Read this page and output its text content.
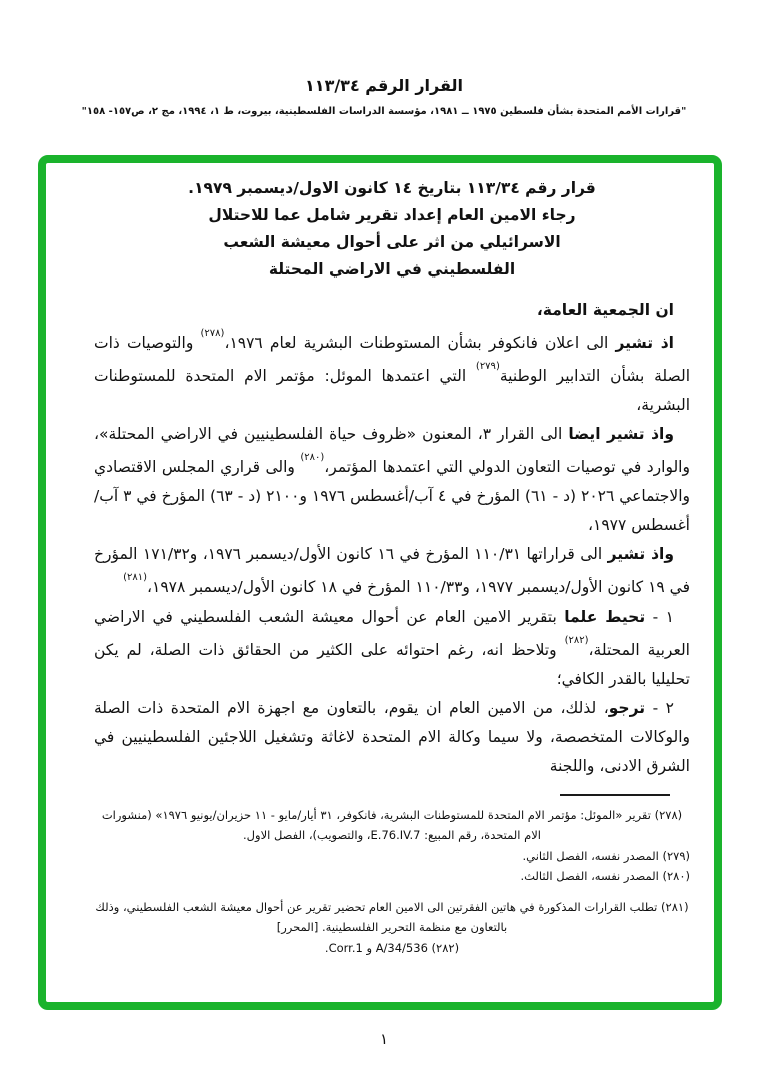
القرار الرقم ١١٣/٣٤
"قرارات الأمم المتحدة بشأن فلسطين ١٩٧٥ ــ ١٩٨١، مؤسسة الدراسات الفلسطينية، بيروت، ط ١، ١٩٩٤، مج ٢، ص١٥٧- ١٥٨"
قرار رقم ١١٣/٣٤ بتاريخ ١٤ كانون الاول/ديسمبر ١٩٧٩.
رجاء الامين العام إعداد تقرير شامل عما للاحتلال
الاسرائيلي من اثر على أحوال معيشة الشعب
الفلسطيني في الاراضي المحتلة
ان الجمعية العامة،
اذ تشير الى اعلان فانكوفر بشأن المستوطنات البشرية لعام ١٩٧٦،$^{(٢٧٨)}$ والتوصيات ذات الصلة بشأن التدابير الوطنية$^{(٢٧٩)}$ التي اعتمدها الموئل: مؤتمر الام المتحدة للمستوطنات البشرية،
واذ تشير ايضا الى القرار ٣، المعنون «ظروف حياة الفلسطينيين في الاراضي المحتلة»، والوارد في توصيات التعاون الدولي التي اعتمدها المؤتمر،$^{(٢٨٠)}$ والى قراري المجلس الاقتصادي والاجتماعي ٢٠٢٦ (د - ٦١) المؤرخ في ٤ آب/أغسطس ١٩٧٦ و٢١٠٠ (د - ٦٣) المؤرخ في ٣ آب/أغسطس ١٩٧٧،
واذ تشير الى قراراتها ١١٠/٣١ المؤرخ في ١٦ كانون الأول/ديسمبر ١٩٧٦، و١٧١/٣٢ المؤرخ في ١٩ كانون الأول/ديسمبر ١٩٧٧، و١١٠/٣٣ المؤرخ في ١٨ كانون الأول/ديسمبر ١٩٧٨،$^{(٢٨١)}$
١ - تحيط علما بتقرير الامين العام عن أحوال معيشة الشعب الفلسطيني في الاراضي العربية المحتلة،$^{(٢٨٢)}$ وتلاحظ انه، رغم احتوائه على الكثير من الحقائق ذات الصلة، لم يكن تحليليا بالقدر الكافي؛
٢ - ترجو، لذلك، من الامين العام ان يقوم، بالتعاون مع اجهزة الام المتحدة ذات الصلة والوكالات المتخصصة، ولا سيما وكالة الام المتحدة لاغاثة وتشغيل اللاجئين الفلسطينيين في الشرق الادنى، واللجنة
(٢٧٨) تقرير «الموئل: مؤتمر الام المتحدة للمستوطنات البشرية، فانكوفر، ٣١ أيار/مايو - ١١ حزيران/يونيو ١٩٧٦» (منشورات الام المتحدة، رقم المبيع: E.76.IV.7، والتصويب)، الفصل الاول.
(٢٧٩) المصدر نفسه، الفصل الثاني.
(٢٨٠) المصدر نفسه، الفصل الثالث.
(٢٨١) تطلب القرارات المذكورة في هاتين الفقرتين الى الامين العام تحضير تقرير عن أحوال معيشة الشعب الفلسطيني، وذلك بالتعاون مع منظمة التحرير الفلسطينية. [المحرر]
(٢٨٢) A/34/536 و Corr.1.
١
